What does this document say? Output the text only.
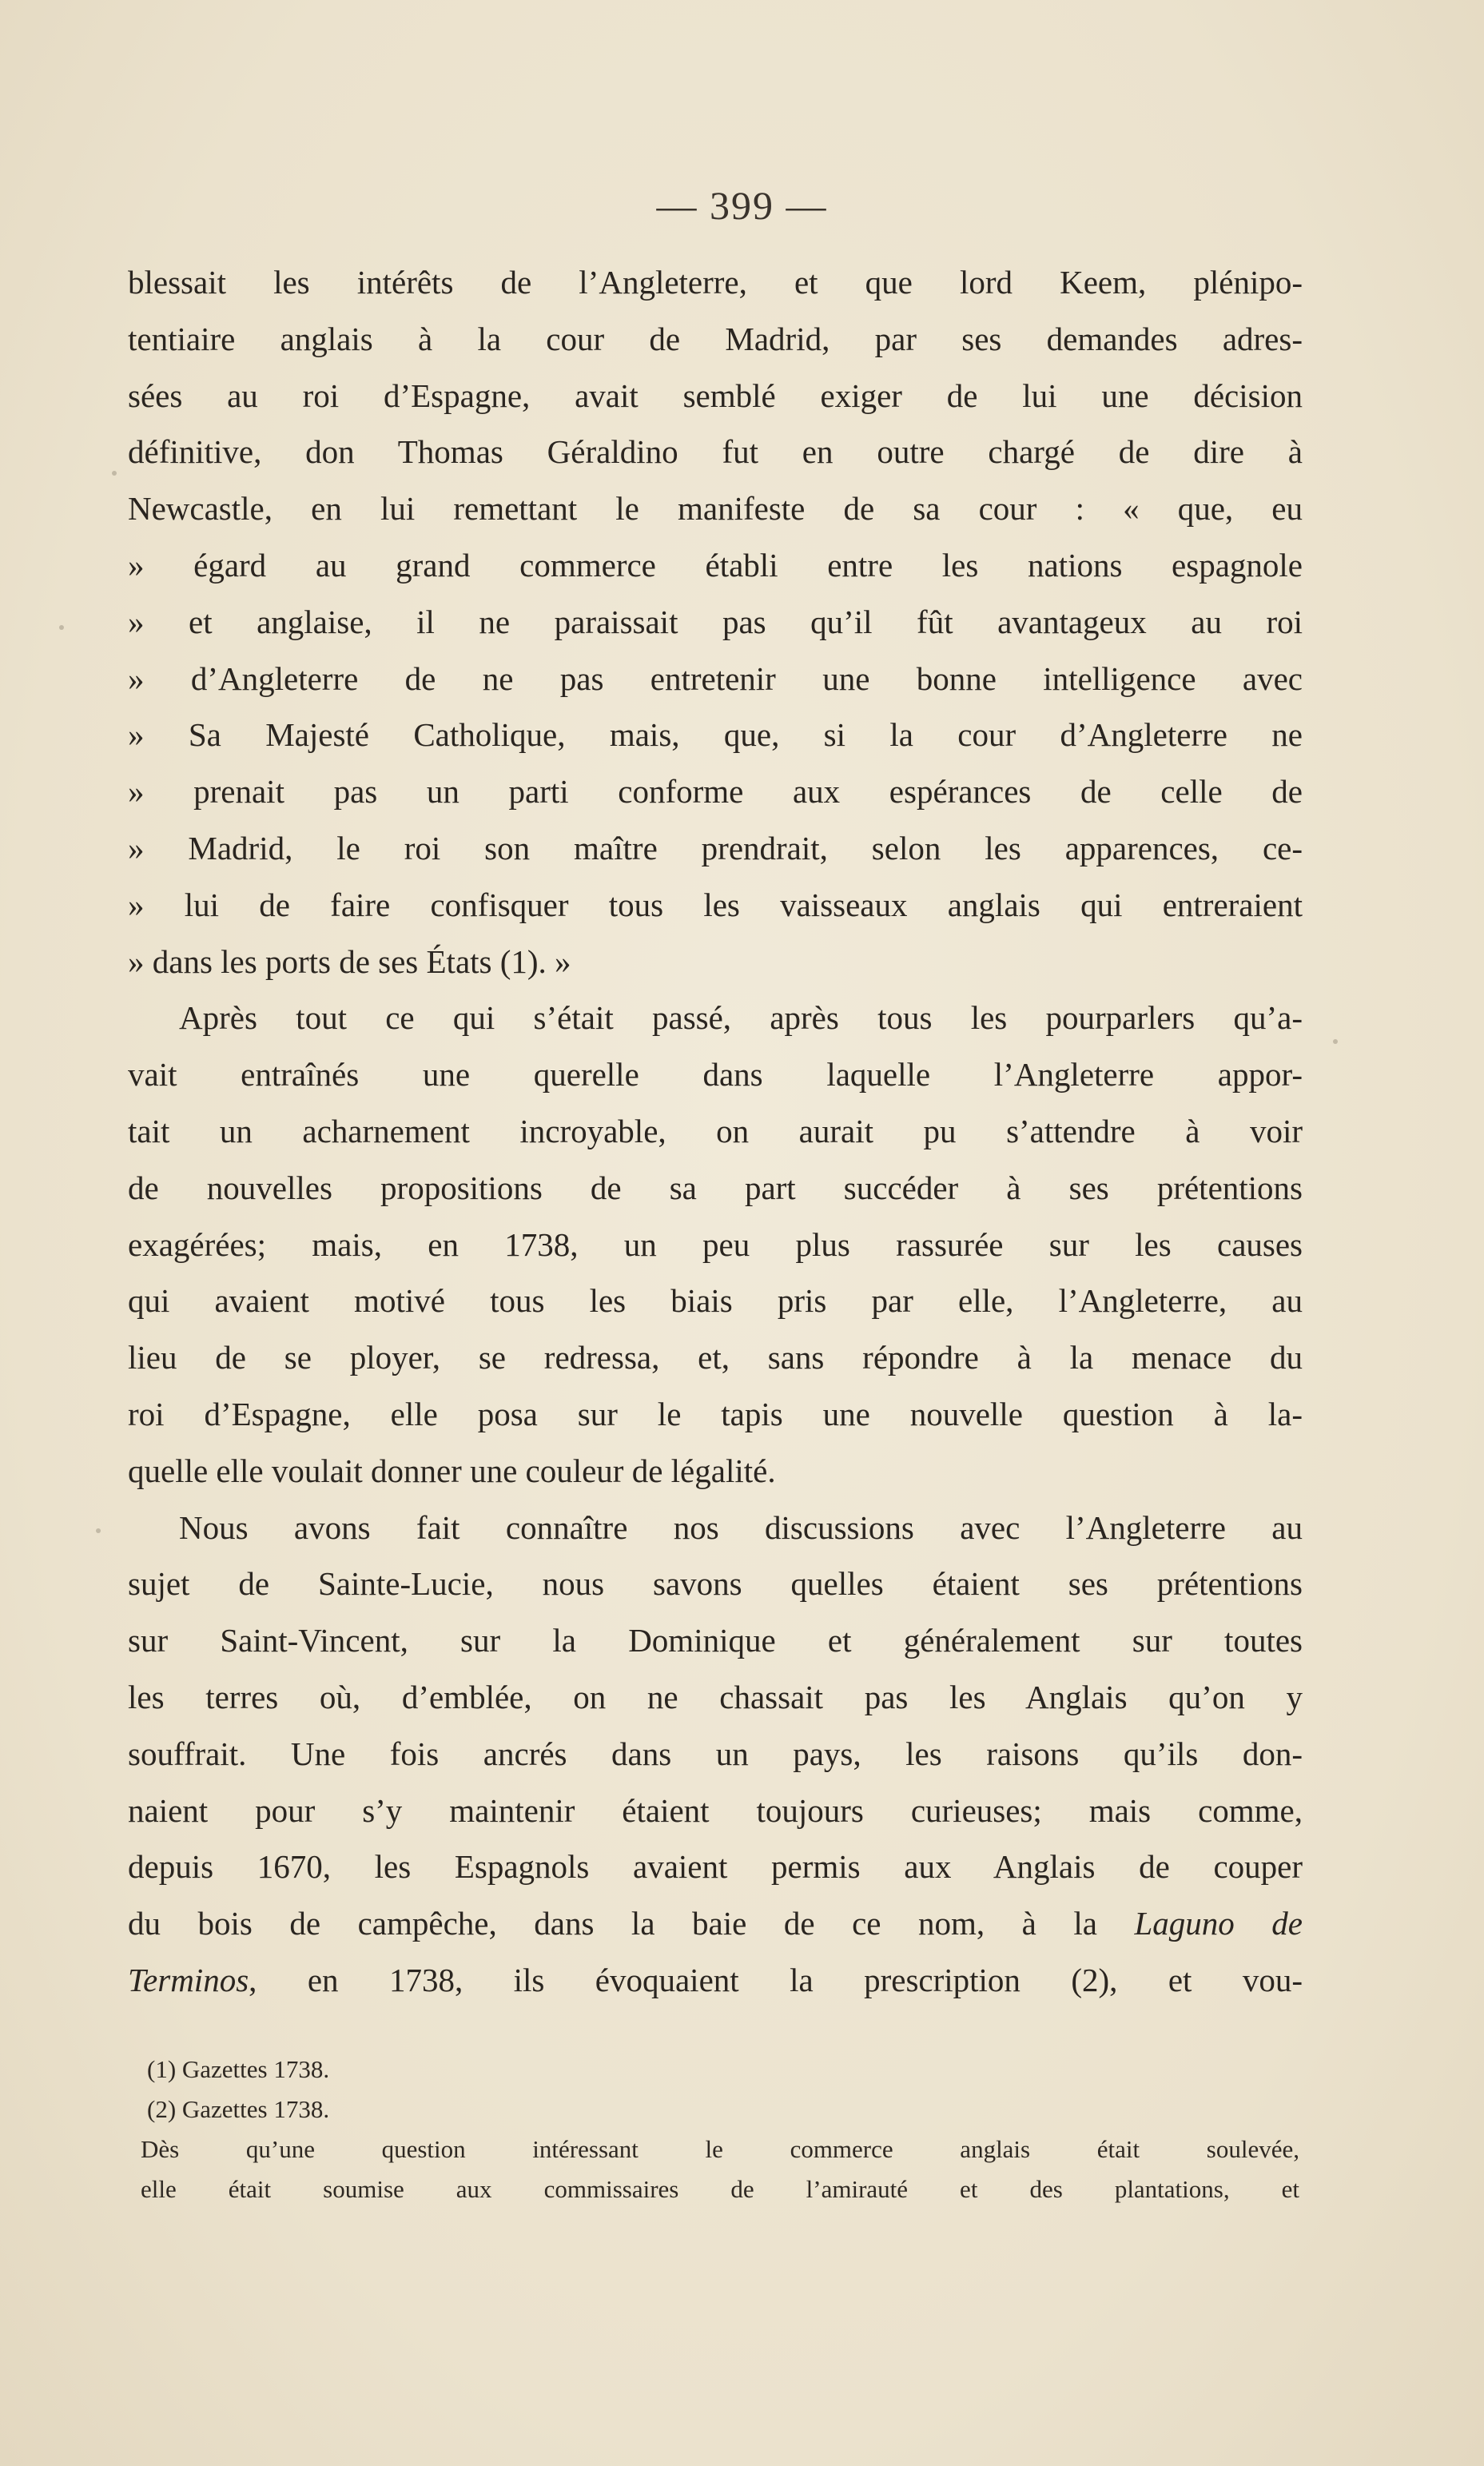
— 399 —
blessait les intérêts de l’Angleterre, et que lord Keem, plénipo-
tentiaire anglais à la cour de Madrid, par ses demandes adres-
sées au roi d’Espagne, avait semblé exiger de lui une décision
définitive, don Thomas Géraldino fut en outre chargé de dire à
Newcastle, en lui remettant le manifeste de sa cour : « que, eu
» égard au grand commerce établi entre les nations espagnole
» et anglaise, il ne paraissait pas qu’il fût avantageux au roi
» d’Angleterre de ne pas entretenir une bonne intelligence avec
» Sa Majesté Catholique, mais, que, si la cour d’Angleterre ne
» prenait pas un parti conforme aux espérances de celle de
» Madrid, le roi son maître prendrait, selon les apparences, ce-
» lui de faire confisquer tous les vaisseaux anglais qui entreraient
» dans les ports de ses États (1). »
Après tout ce qui s’était passé, après tous les pourparlers qu’a-
vait entraînés une querelle dans laquelle l’Angleterre appor-
tait un acharnement incroyable, on aurait pu s’attendre à voir
de nouvelles propositions de sa part succéder à ses prétentions
exagérées; mais, en 1738, un peu plus rassurée sur les causes
qui avaient motivé tous les biais pris par elle, l’Angleterre, au
lieu de se ployer, se redressa, et, sans répondre à la menace du
roi d’Espagne, elle posa sur le tapis une nouvelle question à la-
quelle elle voulait donner une couleur de légalité.
Nous avons fait connaître nos discussions avec l’Angleterre au
sujet de Sainte-Lucie, nous savons quelles étaient ses prétentions
sur Saint-Vincent, sur la Dominique et généralement sur toutes
les terres où, d’emblée, on ne chassait pas les Anglais qu’on y
souffrait. Une fois ancrés dans un pays, les raisons qu’ils don-
naient pour s’y maintenir étaient toujours curieuses; mais comme,
depuis 1670, les Espagnols avaient permis aux Anglais de couper
du bois de campêche, dans la baie de ce nom, à la Laguno de
Terminos, en 1738, ils évoquaient la prescription (2), et vou-
(1) Gazettes 1738.
(2) Gazettes 1738.
Dès qu’une question intéressant le commerce anglais était soulevée,
elle était soumise aux commissaires de l’amirauté et des plantations, et
